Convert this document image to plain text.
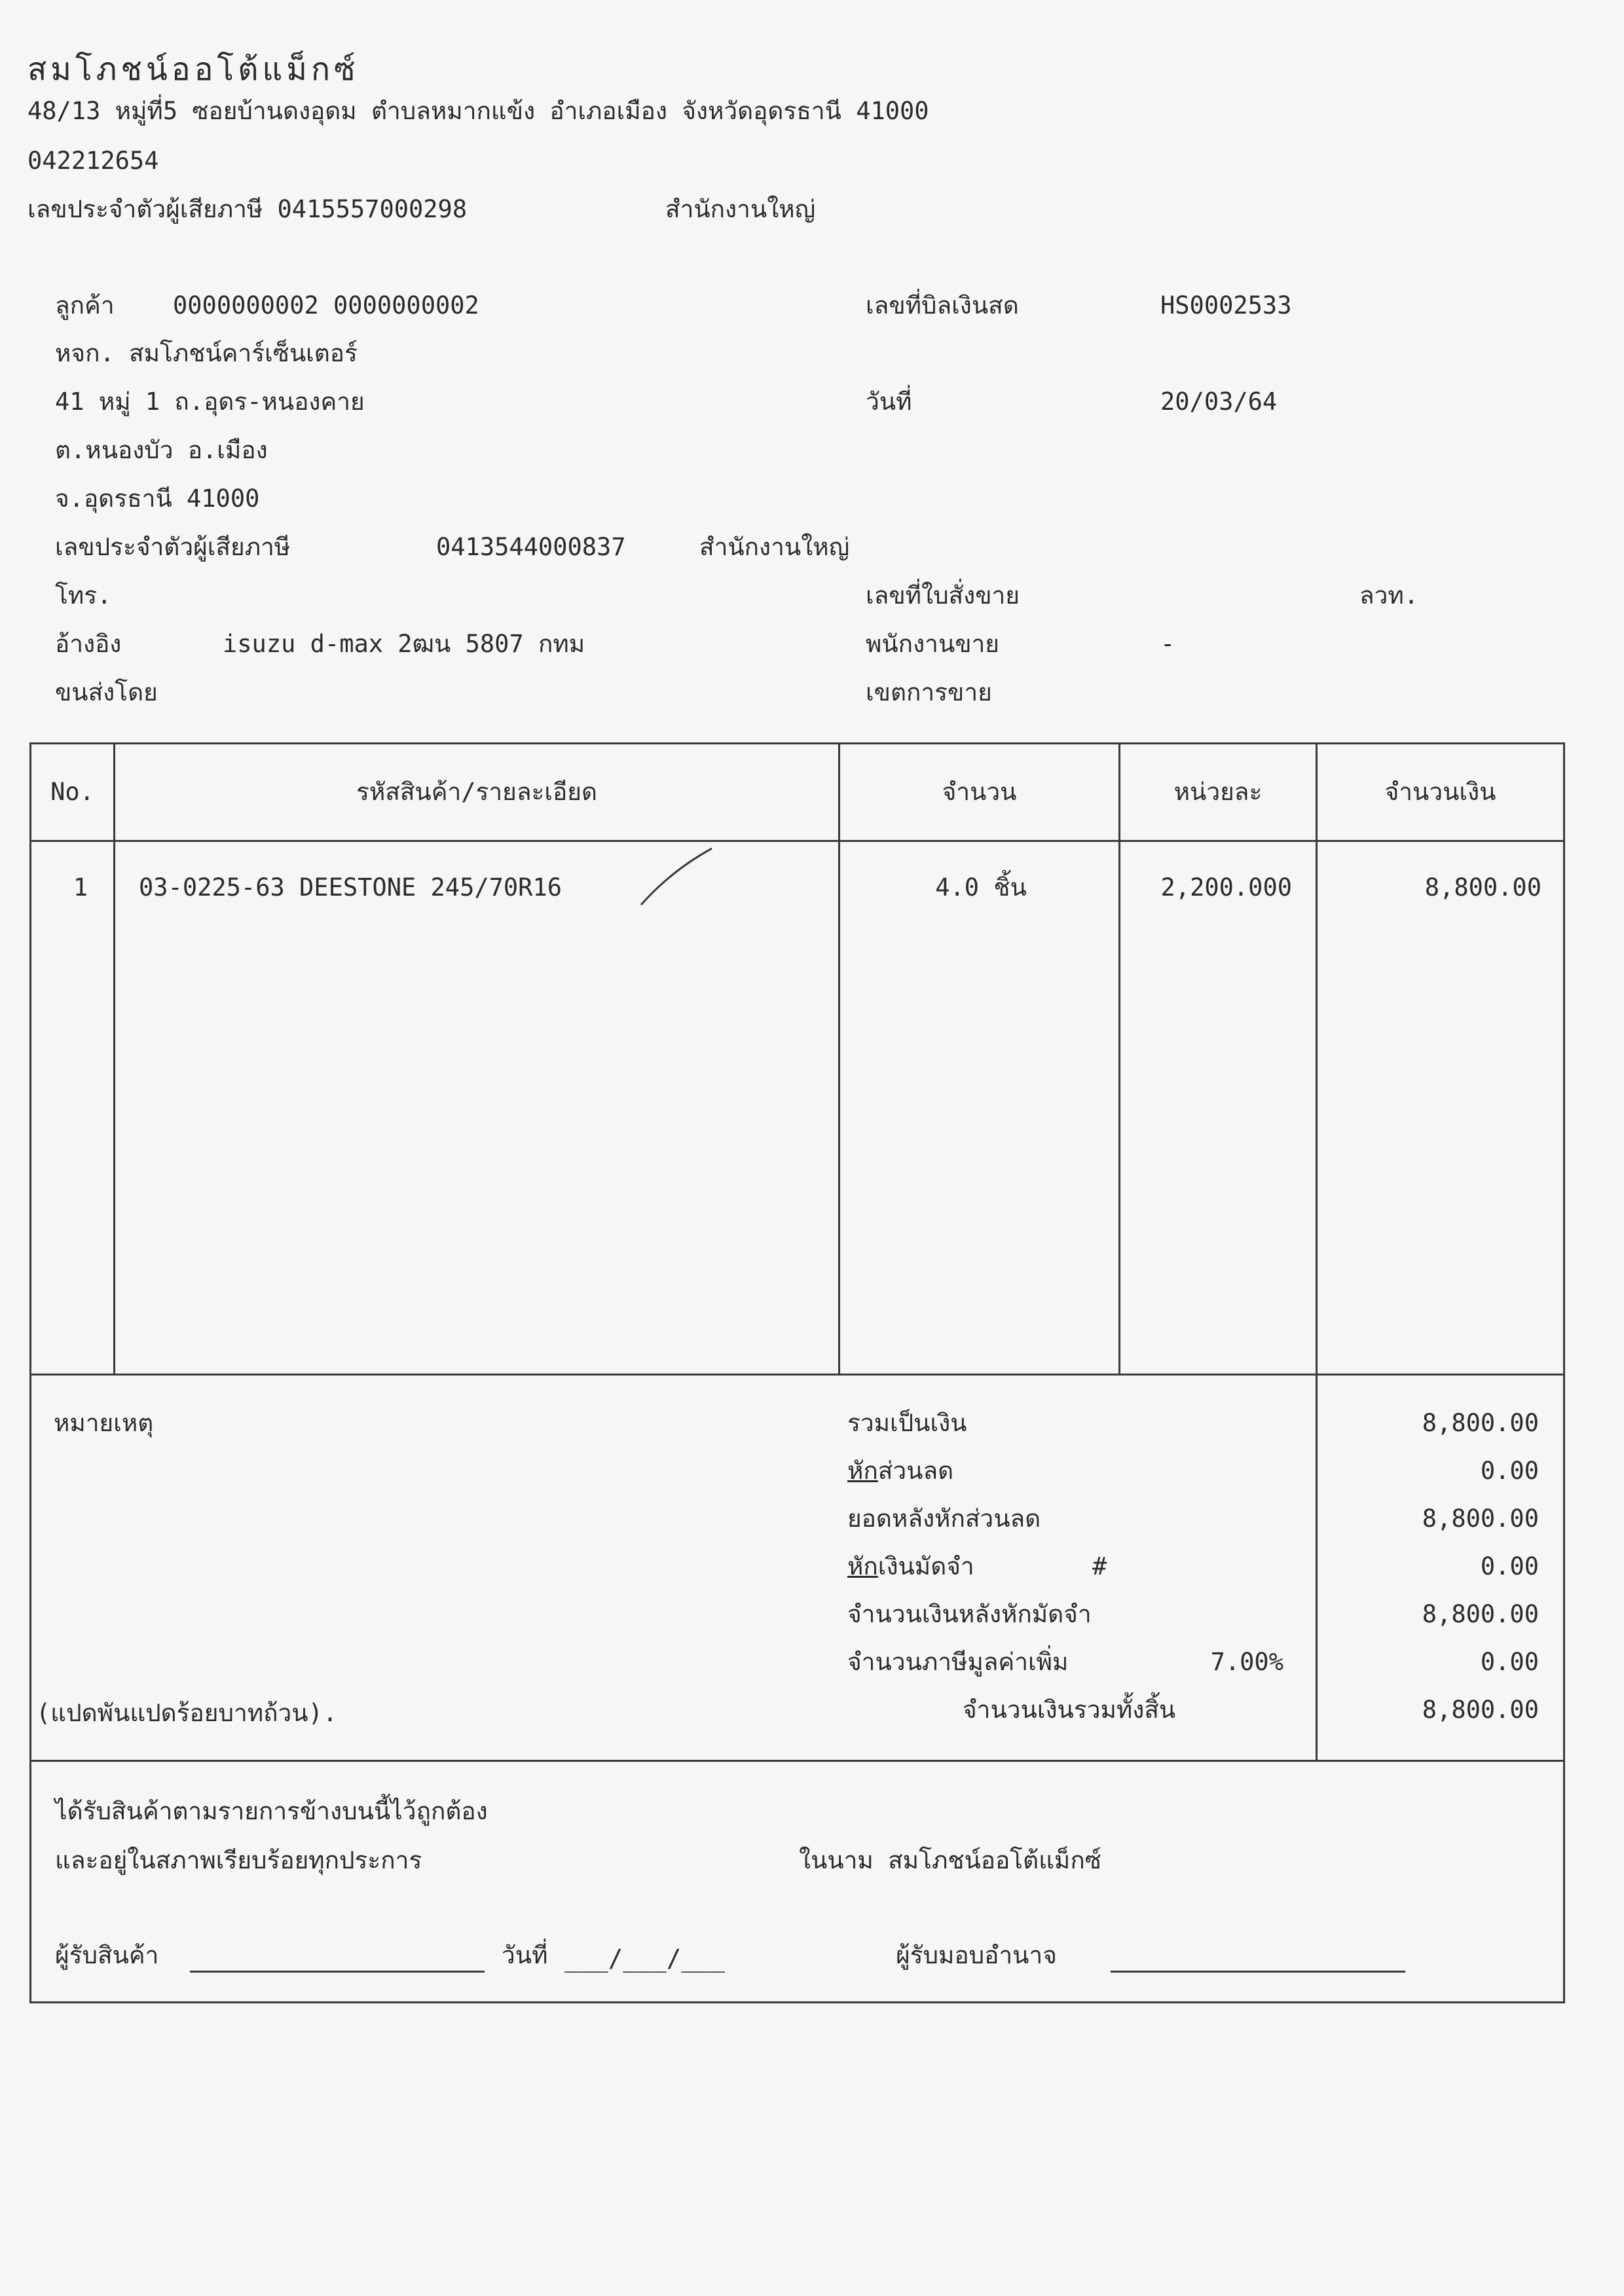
สมโภชน์ออโต้แม็กซ์
48/13 หมู่ที่5 ซอยบ้านดงอุดม ตำบลหมากแข้ง อำเภอเมือง จังหวัดอุดรธานี 41000
042212654
เลขประจำตัวผู้เสียภาษี 0415557000298	สำนักงานใหญ่
ลูกค้า 0000000002 0000000002
หจก. สมโภชน์คาร์เซ็นเตอร์
41 หมู่ 1 ถ.อุดร-หนองคาย
ต.หนองบัว อ.เมือง
จ.อุดรธานี 41000
เลขประจำตัวผู้เสียภาษี	0413544000837	สำนักงานใหญ่
โทร.
อ้างอิง	isuzu d-max 2ฒน 5807 กทม
ขนส่งโดย
เลขที่บิลเงินสด	HS0002533
วันที่	20/03/64
เลขที่ใบสั่งขาย	ลวท.
พนักงานขาย	-
เขตการขาย
No.	รหัสสินค้า/รายละเอียด	จำนวน	หน่วยละ	จำนวนเงิน
1	03-0225-63 DEESTONE 245/70R16	4.0 ชิ้น	2,200.000	8,800.00
หมายเหตุ
(แปดพันแปดร้อยบาทถ้วน).
รวมเป็นเงิน	8,800.00
หักส่วนลด	0.00
ยอดหลังหักส่วนลด	8,800.00
หักเงินมัดจำ	#	0.00
จำนวนเงินหลังหักมัดจำ	8,800.00
จำนวนภาษีมูลค่าเพิ่ม	7.00%	0.00
จำนวนเงินรวมทั้งสิ้น	8,800.00
ได้รับสินค้าตามรายการข้างบนนี้ไว้ถูกต้อง
และอยู่ในสภาพเรียบร้อยทุกประการ	ในนาม สมโภชน์ออโต้แม็กซ์
ผู้รับสินค้า	วันที่ ___/___/___	ผู้รับมอบอำนาจ
